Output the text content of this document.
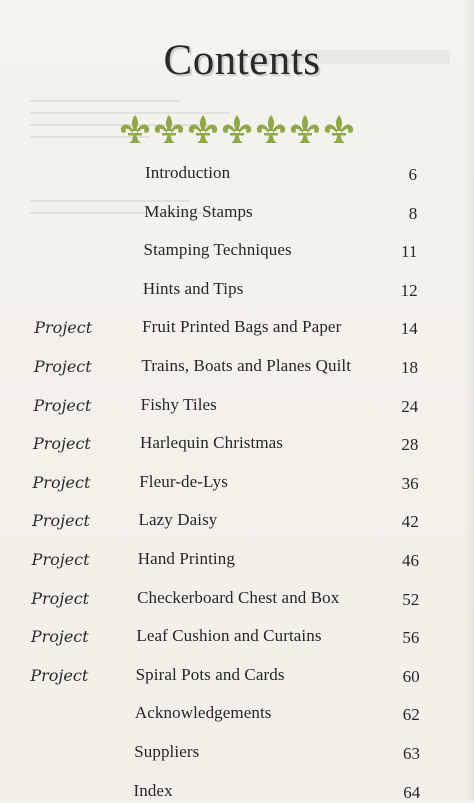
Contents
Introduction	6
Making Stamps	8
Stamping Techniques	11
Hints and Tips	12
Project	Fruit Printed Bags and Paper	14
Project	Trains, Boats and Planes Quilt	18
Project	Fishy Tiles	24
Project	Harlequin Christmas	28
Project	Fleur-de-Lys	36
Project	Lazy Daisy	42
Project	Hand Printing	46
Project	Checkerboard Chest and Box	52
Project	Leaf Cushion and Curtains	56
Project	Spiral Pots and Cards	60
Acknowledgements	62
Suppliers	63
Index	64
